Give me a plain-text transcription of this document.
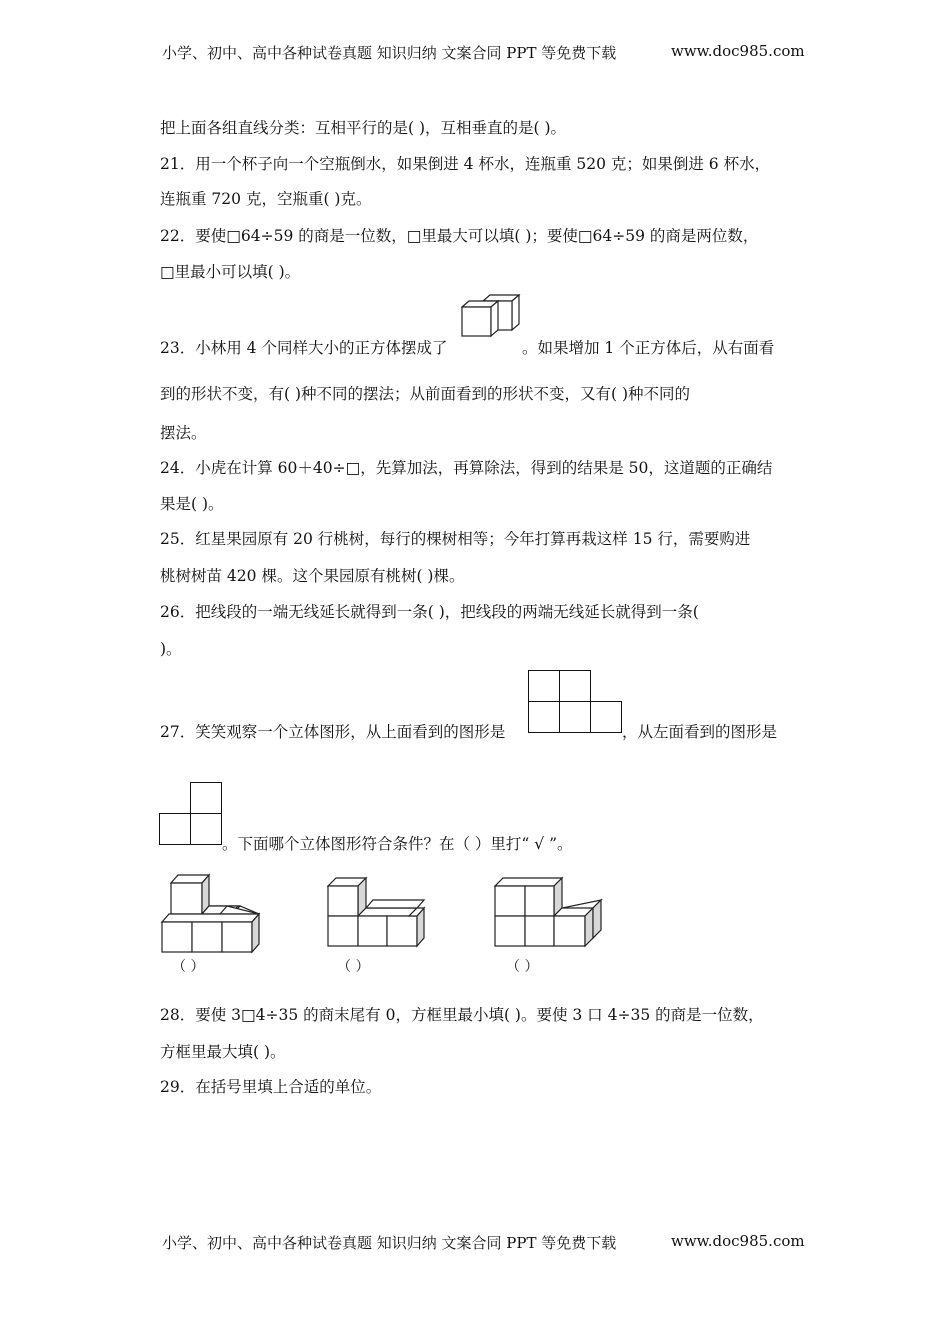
小学、初中、高中各种试卷真题 知识归纳 文案合同 PPT 等免费下载	www.doc985.com
把上面各组直线分类：互相平行的是( )，互相垂直的是( )。
21．用一个杯子向一个空瓶倒水，如果倒进 4 杯水，连瓶重 520 克；如果倒进 6 杯水，
连瓶重 720 克，空瓶重( )克。
22．要使□64÷59 的商是一位数，□里最大可以填( )；要使□64÷59 的商是两位数，
□里最小可以填( )。
23．小林用 4 个同样大小的正方体摆成了	。如果增加 1 个正方体后，从右面看
到的形状不变，有( )种不同的摆法；从前面看到的形状不变，又有( )种不同的
摆法。
24．小虎在计算 60＋40÷□，先算加法，再算除法，得到的结果是 50，这道题的正确结
果是( )。
25．红星果园原有 20 行桃树，每行的棵树相等；今年打算再栽这样 15 行，需要购进
桃树树苗 420 棵。这个果园原有桃树( )棵。
26．把线段的一端无线延长就得到一条( )，把线段的两端无线延长就得到一条(
)。
27．笑笑观察一个立体图形，从上面看到的图形是	，从左面看到的图形是
。下面哪个立体图形符合条件？在（ ）里打“ √ ”。
（ ）	（ ）	（ ）
28．要使 3□4÷35 的商末尾有 0，方框里最小填( )。要使 3 口 4÷35 的商是一位数，
方框里最大填( )。
29．在括号里填上合适的单位。
小学、初中、高中各种试卷真题 知识归纳 文案合同 PPT 等免费下载	www.doc985.com
